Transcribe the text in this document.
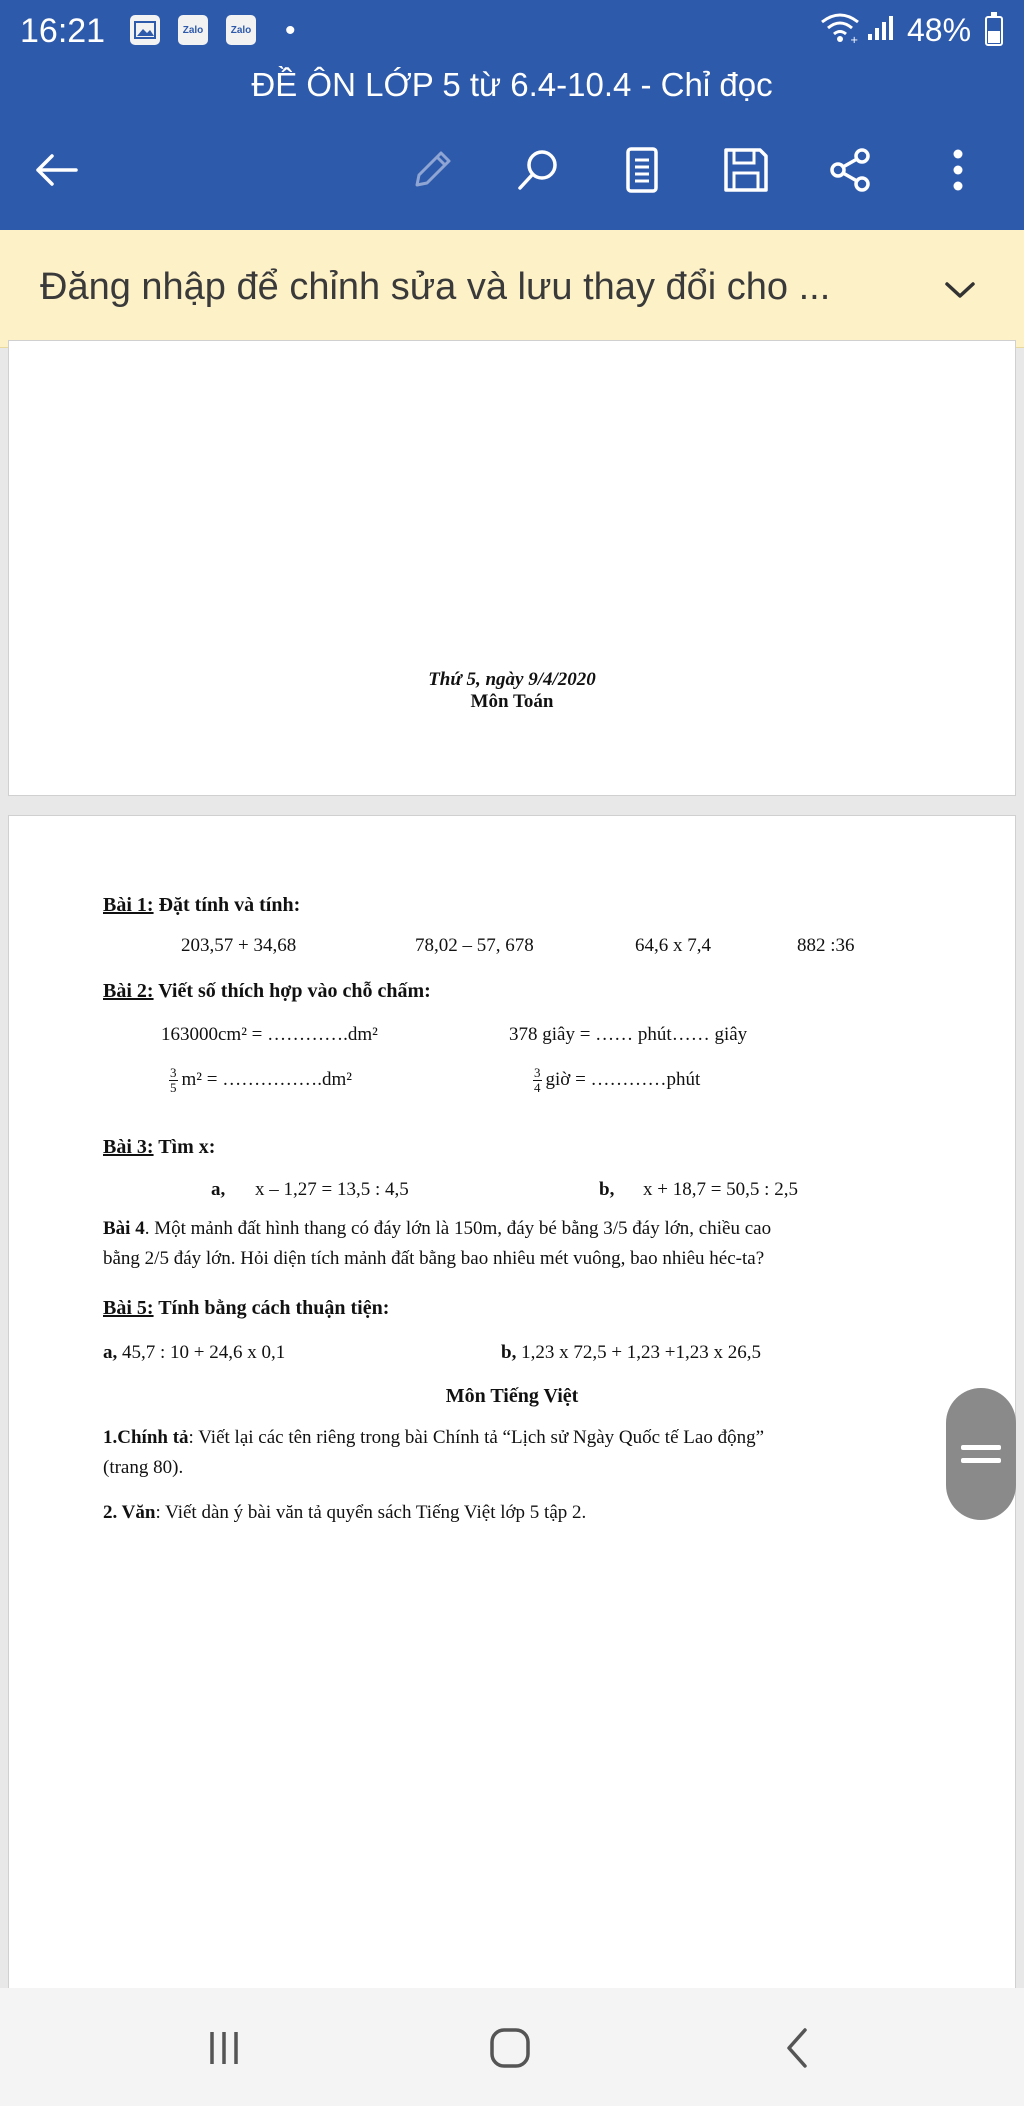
16:21	Zalo	Zalo •	+ 48%
ĐỀ ÔN LỚP 5 từ 6.4-10.4 - Chỉ đọc
Đăng nhập để chỉnh sửa và lưu thay đổi cho ...
Thứ 5, ngày 9/4/2020
Môn Toán
Bài 1: Đặt tính và tính:
203,57 + 34,68	78,02 – 57, 678	64,6 x 7,4	882 :36
Bài 2: Viết số thích hợp vào chỗ chấm:
163000cm² = ………….dm²	378 giây = …… phút…… giây
$\frac{3}{5} m^2$ = …………….dm²	$\frac{3}{4}$ giờ = …………phút
Bài 3: Tìm x:
a, x – 1,27 = 13,5 : 4,5	b, x + 18,7 = 50,5 : 2,5
Bài 4. Một mảnh đất hình thang có đáy lớn là 150m, đáy bé bằng 3/5 đáy lớn, chiều cao
bằng 2/5 đáy lớn. Hỏi diện tích mảnh đất bằng bao nhiêu mét vuông, bao nhiêu héc-ta?
Bài 5: Tính bằng cách thuận tiện:
a, 45,7 : 10 + 24,6 x 0,1	b, 1,23 x 72,5 + 1,23 +1,23 x 26,5
Môn Tiếng Việt
1.Chính tả: Viết lại các tên riêng trong bài Chính tả “Lịch sử Ngày Quốc tế Lao động”
(trang 80).
2. Văn: Viết dàn ý bài văn tả quyển sách Tiếng Việt lớp 5 tập 2.
